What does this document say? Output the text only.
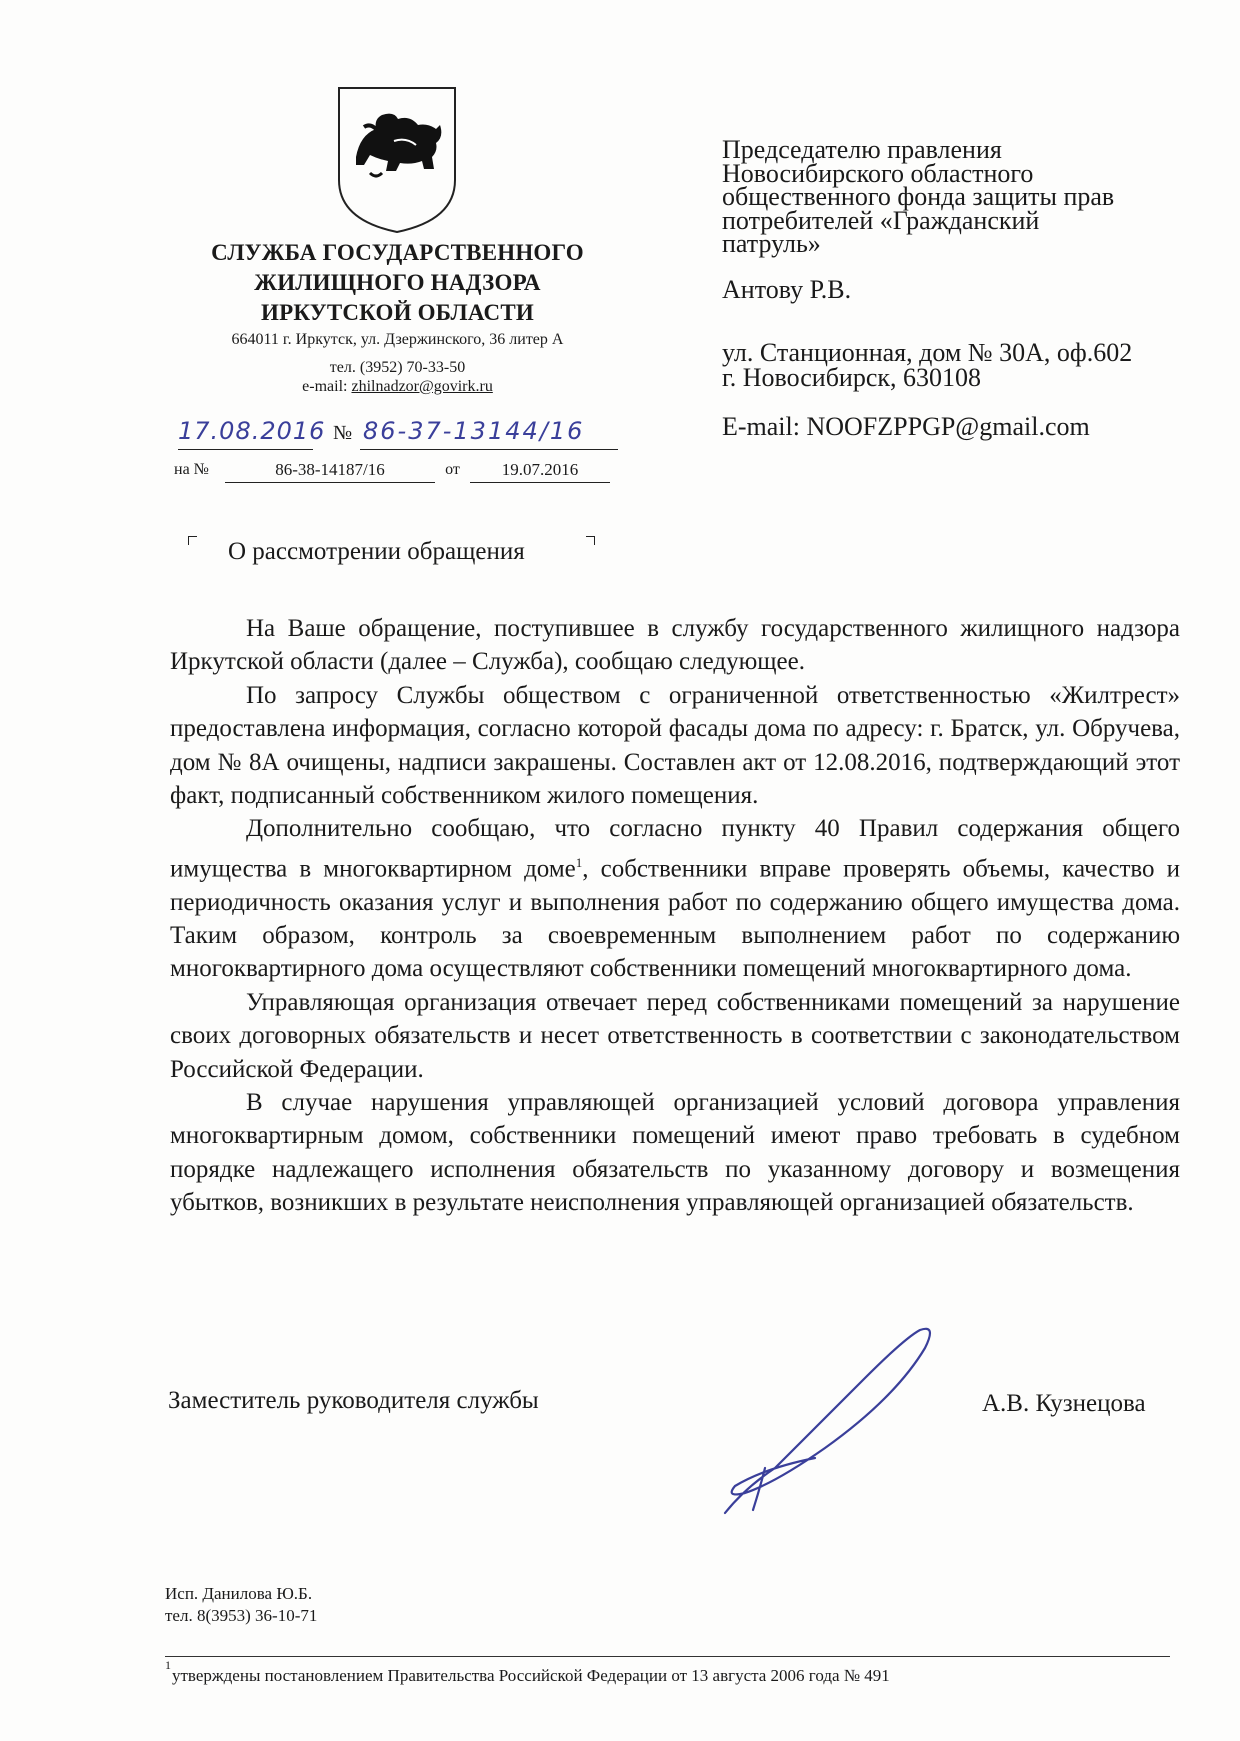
СЛУЖБА ГОСУДАРСТВЕННОГО
ЖИЛИЩНОГО НАДЗОРА
ИРКУТСКОЙ ОБЛАСТИ
664011 г. Иркутск, ул. Дзержинского, 36 литер А
тел. (3952) 70-33-50
e-mail: zhilnadzor@govirk.ru
17.08.2016 № 86-37-13144/16
на №	86-38-14187/16	от	19.07.2016
Председателю правления
Новосибирского областного
общественного фонда защиты прав
потребителей «Гражданский
патруль»
Антову Р.В.
ул. Станционная, дом № 30А, оф.602
г. Новосибирск, 630108
E-mail: NOOFZPPGP@gmail.com
О рассмотрении обращения

На Ваше обращение, поступившее в службу государственного жилищного надзора Иркутской области (далее – Служба), сообщаю следующее.

По запросу Службы обществом с ограниченной ответственностью «Жилтрест» предоставлена информация, согласно которой фасады дома по адресу: г. Братск, ул. Обручева, дом № 8А очищены, надписи закрашены. Составлен акт от 12.08.2016, подтверждающий этот факт, подписанный собственником жилого помещения.

Дополнительно сообщаю, что согласно пункту 40 Правил содержания общего имущества в многоквартирном доме$^1$, собственники вправе проверять объемы, качество и периодичность оказания услуг и выполнения работ по содержанию общего имущества дома. Таким образом, контроль за своевременным выполнением работ по содержанию многоквартирного дома осуществляют собственники помещений многоквартирного дома.

Управляющая организация отвечает перед собственниками помещений за нарушение своих договорных обязательств и несет ответственность в соответствии с законодательством Российской Федерации.

В случае нарушения управляющей организацией условий договора управления многоквартирным домом, собственники помещений имеют право требовать в судебном порядке надлежащего исполнения обязательств по указанному договору и возмещения убытков, возникших в результате неисполнения управляющей организацией обязательств.

Заместитель руководителя службы	А.В. Кузнецова
Исп. Данилова Ю.Б.
тел. 8(3953) 36-10-71
1
утверждены постановлением Правительства Российской Федерации от 13 августа 2006 года № 491
